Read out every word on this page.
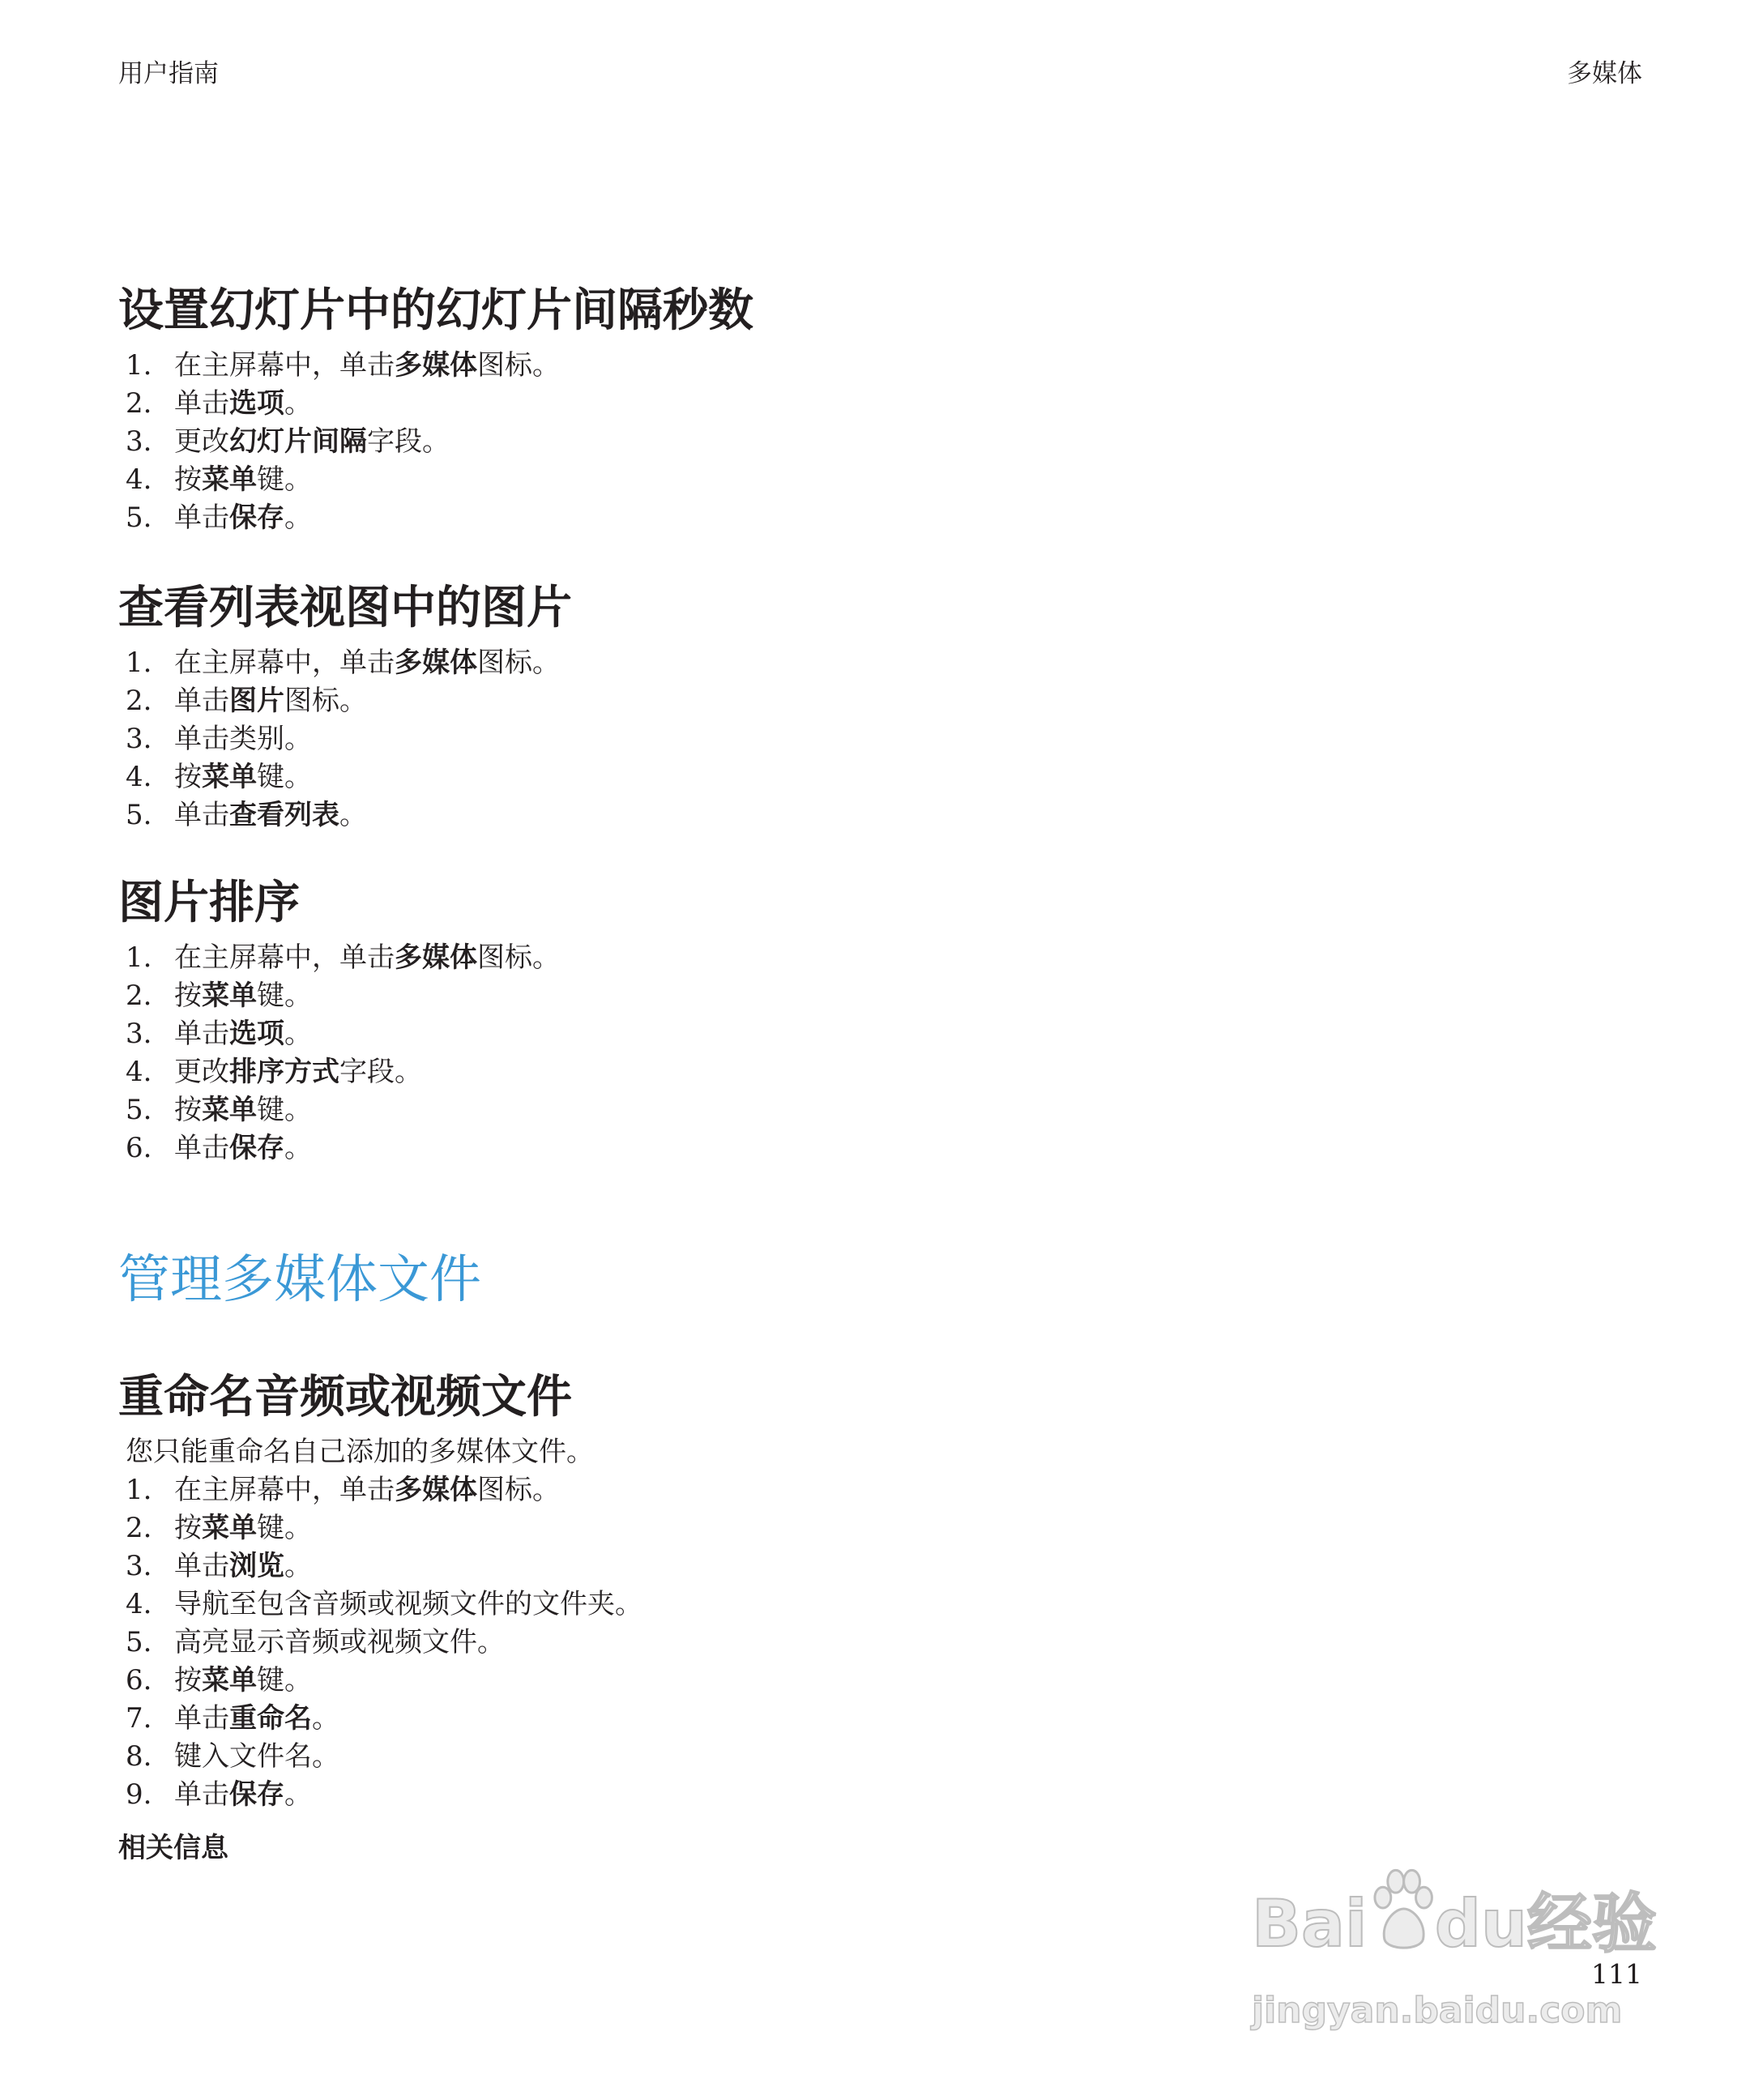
用户指南	多媒体
设置幻灯片中的幻灯片间隔秒数
1. 在主屏幕中，单击多媒体图标。
2. 单击选项。
3. 更改幻灯片间隔字段。
4. 按菜单键。
5. 单击保存。
查看列表视图中的图片
1. 在主屏幕中，单击多媒体图标。
2. 单击图片图标。
3. 单击类别。
4. 按菜单键。
5. 单击查看列表。
图片排序
1. 在主屏幕中，单击多媒体图标。
2. 按菜单键。
3. 单击选项。
4. 更改排序方式字段。
5. 按菜单键。
6. 单击保存。
管理多媒体文件
重命名音频或视频文件

您只能重命名自己添加的多媒体文件。

1. 在主屏幕中，单击多媒体图标。
2. 按菜单键。
3. 单击浏览。
4. 导航至包含音频或视频文件的文件夹。
5. 高亮显示音频或视频文件。
6. 按菜单键。
7. 单击重命名。
8. 键入文件名。
9. 单击保存。
相关信息
Bai du 经验
jingyan.baidu.com
111
